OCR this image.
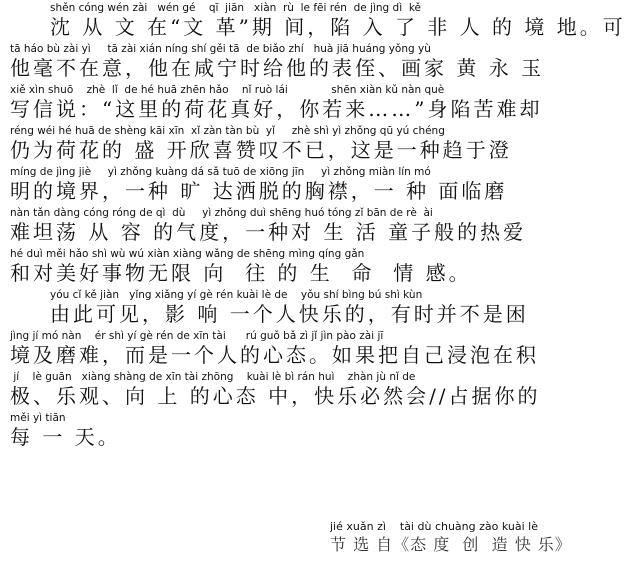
shěn cóng wén zài   wén gé    qī  jiān   xiàn  rù  le fēi rén  de jìng dì  kě
沈 从 文 在“文 革”期 间，陷 入 了 非 人 的 境 地。可
tā háo bù zài yì     tā zài xián níng shí gěi tā  de biǎo zhí   huà jiā huáng yǒng yù
他毫不在意，他在咸宁时给他的表侄、画家 黄 永 玉
xiě xìn shuō    zhè  lǐ  de hé huā zhēn hǎo    nǐ ruò lái             shēn xiàn kǔ nàn què
写信说：“这里的荷花真好，你若来……”身陷苦难却
réng wéi hé huā de shèng kāi xīn  xǐ zàn tàn bù  yǐ     zhè shì yì zhǒng qū yú chéng
仍为荷花的 盛 开欣喜赞叹不已，这是一种趋于澄
míng de jìng jiè     yì zhǒng kuàng dá sǎ tuō de xiōng jīn     yì zhǒng miàn lín mó
明的境界，一种 旷 达洒脱的胸襟，一 种 面临磨
nàn tǎn dàng cóng róng de qì  dù     yì zhǒng duì shēng huó tóng zǐ bān de rè  ài
难坦荡 从 容 的气度，一种对 生 活 童子般的热爱
hé duì měi hǎo shì wù wú xiàn xiàng wǎng de shēng mìng qíng gǎn
和对美好事物无限 向  往 的 生  命  情 感。
yóu cǐ kě jiàn   yǐng xiǎng yí gè rén kuài lè de    yǒu shí bìng bú shì kùn
由此可见，影 响 一个人快乐的，有时并不是困
jìng jí mó nàn    ér shì yí gè rén de xīn tài      rú guǒ bǎ zì jǐ jìn pào zài jī
境及磨难，而是一个人的心态。如果把自己浸泡在积
jí    lè guān   xiàng shàng de xīn tài zhōng    kuài lè bì rán huì    zhàn jù nǐ de
极、乐观、向 上 的心态 中，快乐必然会//占据你的
měi yì tiān
每 一 天。
jié xuǎn zì    tài dù chuàng zào kuài lè
节 选 自《态 度  创  造 快 乐》
